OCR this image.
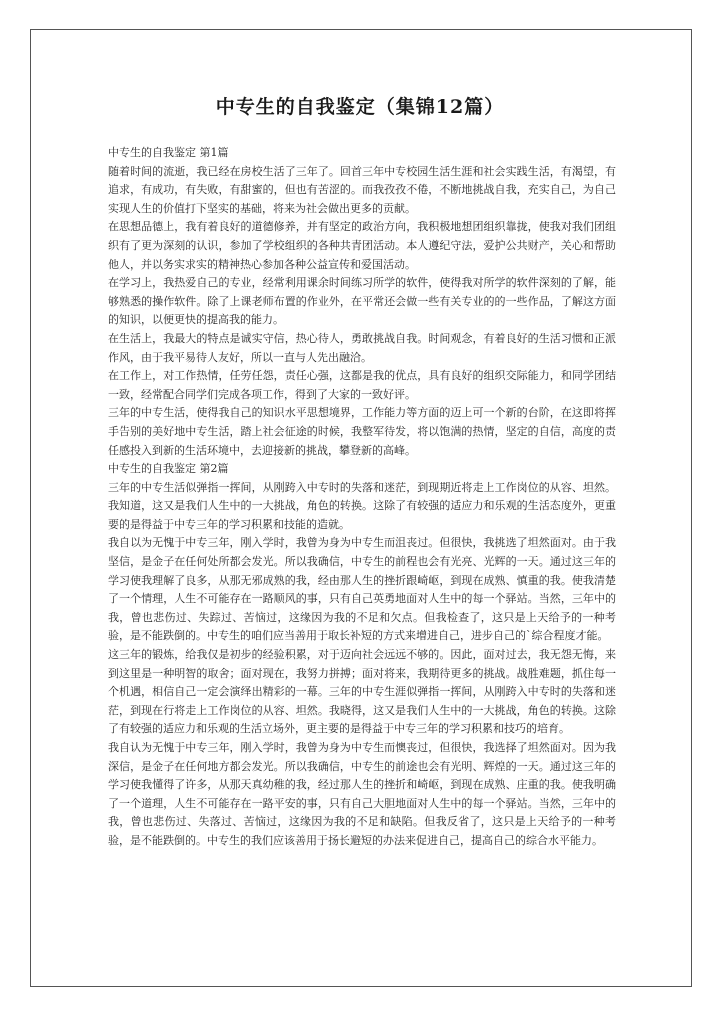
中专生的自我鉴定（集锦12篇）

中专生的自我鉴定 第1篇

随着时间的流逝，我已经在房校生活了三年了。回首三年中专校园生活生涯和社会实践生活，有渴望，有追求，有成功，有失败，有甜蜜的，但也有苦涩的。而我孜孜不倦，不断地挑战自我，充实自己，为自己实现人生的价值打下坚实的基础，将来为社会做出更多的贡献。

在思想品德上，我有着良好的道德修养，并有坚定的政治方向，我积极地想团组织靠拢，使我对我们团组织有了更为深刻的认识，参加了学校组织的各种共青团活动。本人遵纪守法，爱护公共财产，关心和帮助他人，并以务实求实的精神热心参加各种公益宣传和爱国活动。

在学习上，我热爱自己的专业，经常利用课余时间练习所学的软件，使得我对所学的软件深刻的了解，能够熟悉的操作软件。除了上课老师布置的作业外，在平常还会做一些有关专业的的一些作品，了解这方面的知识，以便更快的提高我的能力。

在生活上，我最大的特点是诚实守信，热心待人，勇敢挑战自我。时间观念，有着良好的生活习惯和正派作风，由于我平易待人友好，所以一直与人先出融洽。

在工作上，对工作热情，任劳任怨，责任心强，这都是我的优点，具有良好的组织交际能力，和同学团结一致，经常配合同学们完成各项工作，得到了大家的一致好评。

三年的中专生活，使得我自己的知识水平思想境界，工作能力等方面的迈上可一个新的台阶，在这即将挥手告别的美好地中专生活，踏上社会征途的时候，我整军待发，将以饱满的热情，坚定的自信，高度的责任感投入到新的生活环境中，去迎接新的挑战，攀登新的高峰。

中专生的自我鉴定 第2篇

三年的中专生活似弹指一挥间，从刚跨入中专时的失落和迷茫，到现期近将走上工作岗位的从容、坦然。我知道，这又是我们人生中的一大挑战，角色的转换。这除了有较强的适应力和乐观的生活态度外，更重要的是得益于中专三年的学习积累和技能的造就。

我自以为无愧于中专三年，刚入学时，我曾为身为中专生而沮丧过。但很快，我挑选了坦然面对。由于我坚信，是金子在任何处所都会发光。所以我确信，中专生的前程也会有光亮、光辉的一天。通过这三年的学习使我理解了良多，从那无邪成熟的我，经由那人生的挫折跟崎岖，到现在成熟、慎重的我。使我清楚了一个情理，人生不可能存在一路顺风的事，只有自己英勇地面对人生中的每一个驿站。当然，三年中的我，曾也悲伤过、失踪过、苦恼过，这缘因为我的不足和欠点。但我检查了，这只是上天给予的一种考验，是不能跌倒的。中专生的咱们应当善用于取长补短的方式来增进自己，进步自己的`综合程度才能。

这三年的锻炼，给我仅是初步的经验积累，对于迈向社会远远不够的。因此，面对过去，我无怨无悔，来到这里是一种明智的取舍；面对现在，我努力拼搏；面对将来，我期待更多的挑战。战胜难题，抓住每一个机遇，相信自己一定会演绎出精彩的一幕。三年的中专生涯似弹指一挥间，从刚跨入中专时的失落和迷茫，到现在行将走上工作岗位的从容、坦然。我晓得，这又是我们人生中的一大挑战，角色的转换。这除了有较强的适应力和乐观的生活立场外，更主要的是得益于中专三年的学习积累和技巧的培育。

我自认为无愧于中专三年，刚入学时，我曾为身为中专生而懊丧过，但很快，我选择了坦然面对。因为我深信，是金子在任何地方都会发光。所以我确信，中专生的前途也会有光明、辉煌的一天。通过这三年的学习使我懂得了许多，从那天真幼稚的我，经过那人生的挫折和崎岖，到现在成熟、庄重的我。使我明确了一个道理，人生不可能存在一路平安的事，只有自己大胆地面对人生中的每一个驿站。当然，三年中的我，曾也悲伤过、失落过、苦恼过，这缘因为我的不足和缺陷。但我反省了，这只是上天给予的一种考验，是不能跌倒的。中专生的我们应该善用于扬长避短的办法来促进自己，提高自己的综合水平能力。
